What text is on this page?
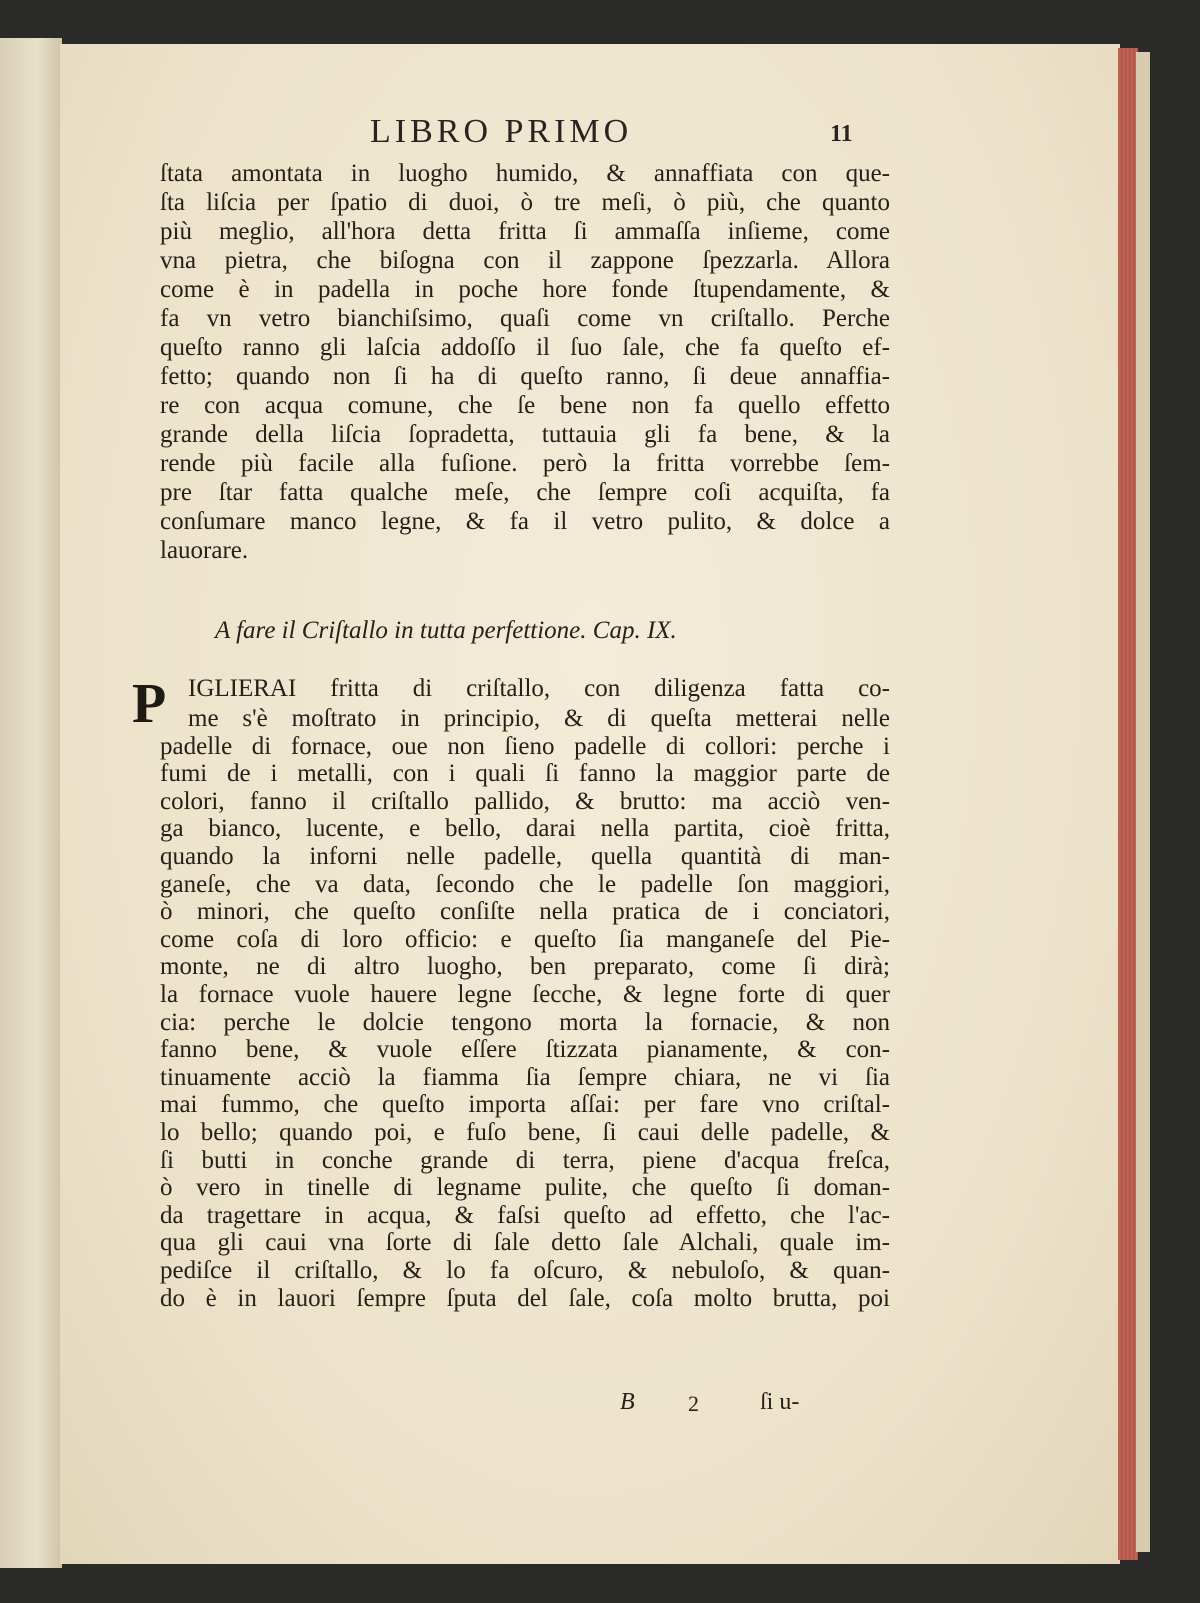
LIBRO PRIMO	11
ſtata amontata in luogho humido, & annaffiata con que-
ſta liſcia per ſpatio di duoi, ò tre meſi, ò più, che quanto
più meglio, all'hora detta fritta ſi ammaſſa inſieme, come
vna pietra, che biſogna con il zappone ſpezzarla. Allora
come è in padella in poche hore fonde ſtupendamente, &
fa vn vetro bianchiſsimo, quaſi come vn criſtallo. Perche
queſto ranno gli laſcia addoſſo il ſuo ſale, che fa queſto ef-
fetto; quando non ſi ha di queſto ranno, ſi deue annaffia-
re con acqua comune, che ſe bene non fa quello effetto
grande della liſcia ſopradetta, tuttauia gli fa bene, & la
rende più facile alla fuſione. però la fritta vorrebbe ſem-
pre ſtar fatta qualche meſe, che ſempre coſi acquiſta, fa
conſumare manco legne, & fa il vetro pulito, & dolce a
lauorare.
A fare il Criſtallo in tutta perfettione. Cap. IX.
P IGLIERAI fritta di criſtallo, con diligenza fatta co-
me s'è moſtrato in principio, & di queſta metterai nelle
padelle di fornace, oue non ſieno padelle di collori: perche i
fumi de i metalli, con i quali ſi fanno la maggior parte de
colori, fanno il criſtallo pallido, & brutto: ma acciò ven-
ga bianco, lucente, e bello, darai nella partita, cioè fritta,
quando la inforni nelle padelle, quella quantità di man-
ganeſe, che va data, ſecondo che le padelle ſon maggiori,
ò minori, che queſto conſiſte nella pratica de i conciatori,
come coſa di loro officio: e queſto ſia manganeſe del Pie-
monte, ne di altro luogho, ben preparato, come ſi dirà;
la fornace vuole hauere legne ſecche, & legne forte di quer
cia: perche le dolcie tengono morta la fornacie, & non
fanno bene, & vuole eſſere ſtizzata pianamente, & con-
tinuamente acciò la fiamma ſia ſempre chiara, ne vi ſia
mai fummo, che queſto importa aſſai: per fare vno criſtal-
lo bello; quando poi, e fuſo bene, ſi caui delle padelle, &
ſi butti in conche grande di terra, piene d'acqua freſca,
ò vero in tinelle di legname pulite, che queſto ſi doman-
da tragettare in acqua, & faſsi queſto ad effetto, che l'ac-
qua gli caui vna ſorte di ſale detto ſale Alchali, quale im-
pediſce il criſtallo, & lo fa oſcuro, & nebuloſo, & quan-
do è in lauori ſempre ſputa del ſale, coſa molto brutta, poi
B 2	ſi u-
